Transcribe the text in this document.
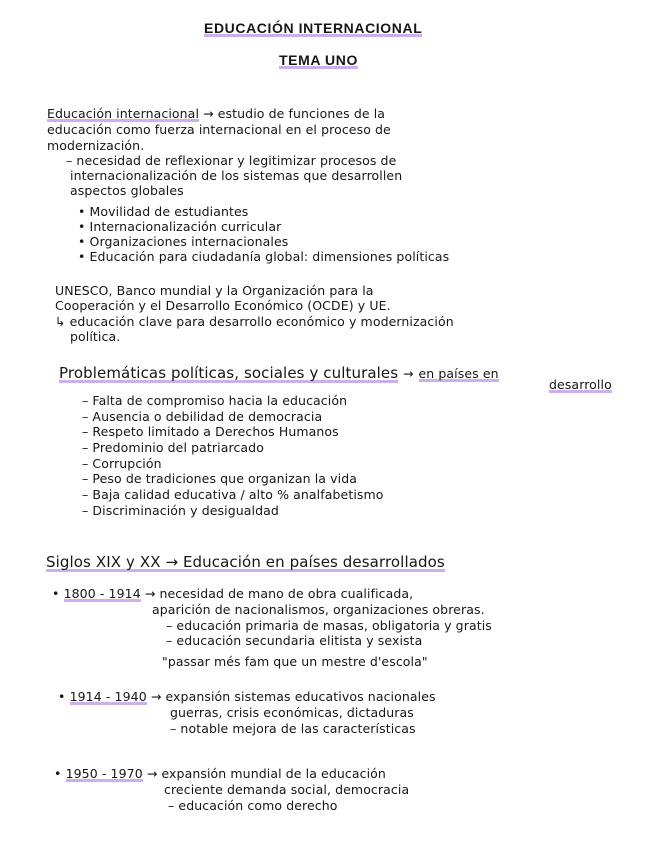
EDUCACIÓN INTERNACIONAL
TEMA UNO
Educación internacional → estudio de funciones de la
educación como fuerza internacional en el proceso de
modernización.
– necesidad de reflexionar y legitimizar procesos de
internacionalización de los sistemas que desarrollen
aspectos globales
• Movilidad de estudiantes
• Internacionalización curricular
• Organizaciones internacionales
• Educación para ciudadanía global: dimensiones políticas
UNESCO, Banco mundial y la Organización para la
Cooperación y el Desarrollo Económico (OCDE) y UE.
↳ educación clave para desarrollo económico y modernización
política.
Problemáticas políticas, sociales y culturales → en países en
desarrollo
– Falta de compromiso hacia la educación
– Ausencia o debilidad de democracia
– Respeto limitado a Derechos Humanos
– Predominio del patriarcado
– Corrupción
– Peso de tradiciones que organizan la vida
– Baja calidad educativa / alto % analfabetismo
– Discriminación y desigualdad
Siglos XIX y XX → Educación en países desarrollados
• 1800 - 1914 → necesidad de mano de obra cualificada,
aparición de nacionalismos, organizaciones obreras.
– educación primaria de masas, obligatoria y gratis
– educación secundaria elitista y sexista
"passar més fam que un mestre d'escola"
• 1914 - 1940 → expansión sistemas educativos nacionales
guerras, crisis económicas, dictaduras
– notable mejora de las características
• 1950 - 1970 → expansión mundial de la educación
creciente demanda social, democracia
– educación como derecho
